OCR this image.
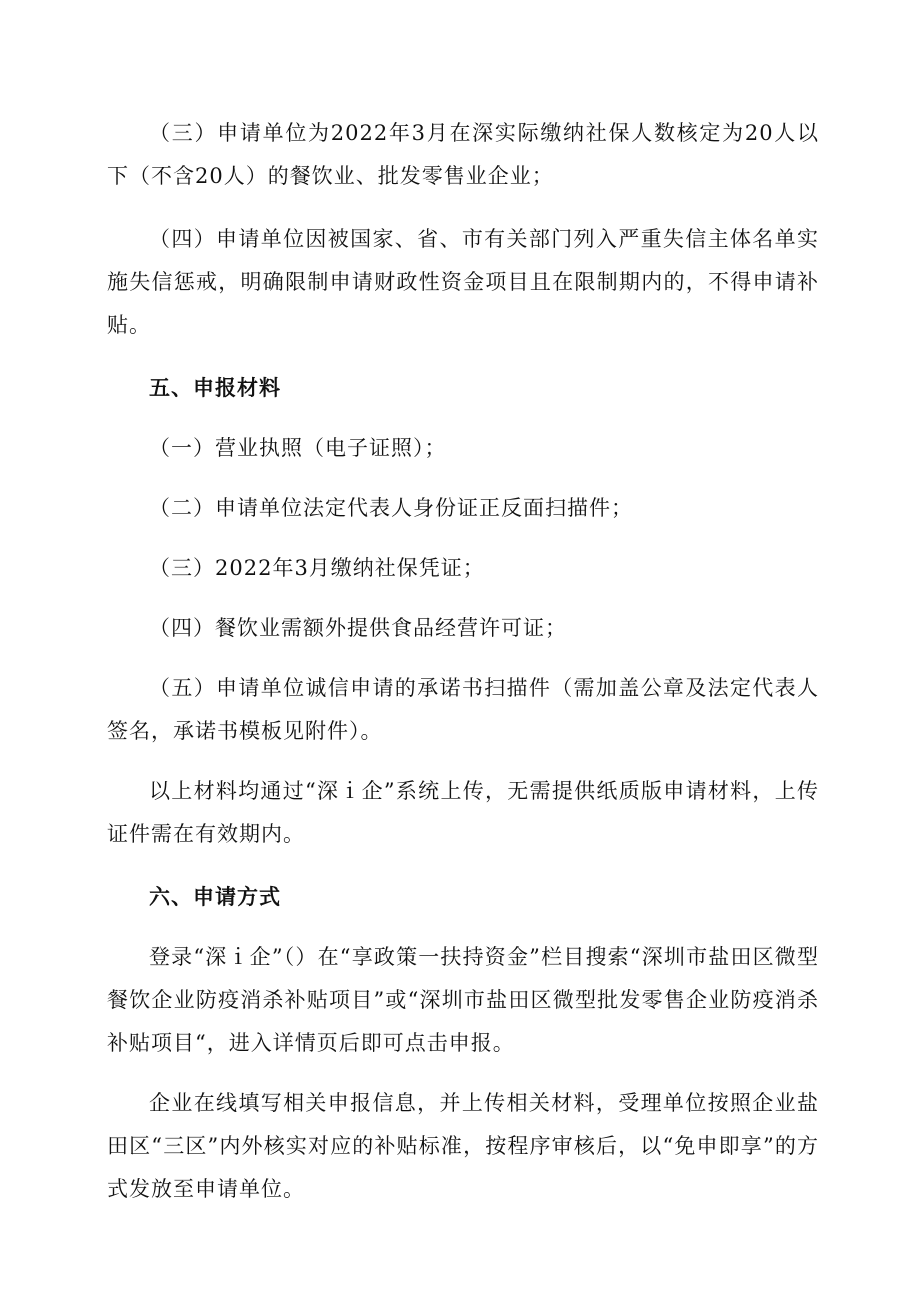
（三）申请单位为2022年3月在深实际缴纳社保人数核定为20人以下（不含20人）的餐饮业、批发零售业企业；

（四）申请单位因被国家、省、市有关部门列入严重失信主体名单实施失信惩戒，明确限制申请财政性资金项目且在限制期内的，不得申请补贴。

五、申报材料

（一）营业执照（电子证照）；

（二）申请单位法定代表人身份证正反面扫描件；

（三）2022年3月缴纳社保凭证；

（四）餐饮业需额外提供食品经营许可证；

（五）申请单位诚信申请的承诺书扫描件（需加盖公章及法定代表人签名，承诺书模板见附件）。

以上材料均通过“深ｉ企”系统上传，无需提供纸质版申请材料，上传证件需在有效期内。

六、申请方式

登录“深ｉ企”（）在“享政策一扶持资金”栏目搜索“深圳市盐田区微型餐饮企业防疫消杀补贴项目”或“深圳市盐田区微型批发零售企业防疫消杀补贴项目“，进入详情页后即可点击申报。

企业在线填写相关申报信息，并上传相关材料，受理单位按照企业盐田区“三区”内外核实对应的补贴标准，按程序审核后，以“免申即享”的方式发放至申请单位。
